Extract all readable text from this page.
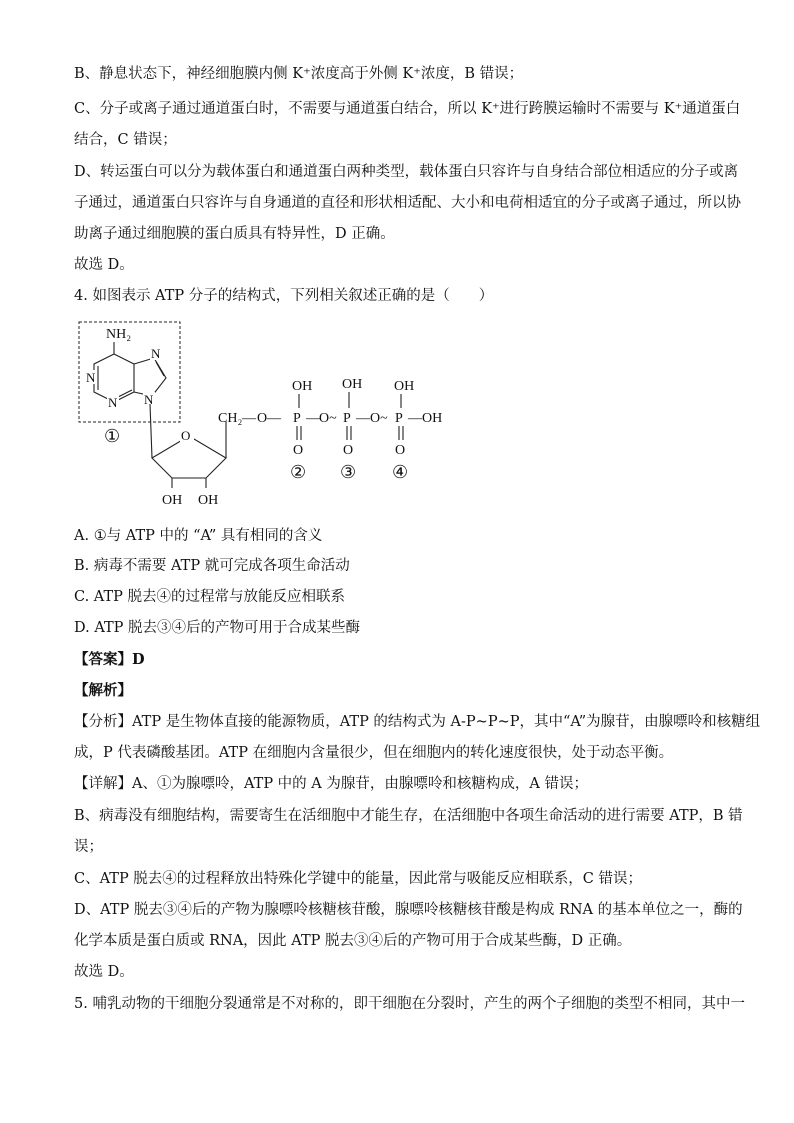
B、静息状态下，神经细胞膜内侧 K⁺浓度高于外侧 K⁺浓度，B 错误；
C、分子或离子通过通道蛋白时，不需要与通道蛋白结合，所以 K⁺进行跨膜运输时不需要与 K⁺通道蛋白
结合，C 错误；
D、转运蛋白可以分为载体蛋白和通道蛋白两种类型，载体蛋白只容许与自身结合部位相适应的分子或离
子通过，通道蛋白只容许与自身通道的直径和形状相适配、大小和电荷相适宜的分子或离子通过，所以协
助离子通过细胞膜的蛋白质具有特异性，D 正确。
故选 D。
4. 如图表示 ATP 分子的结构式，下列相关叙述正确的是（　　）
NH₂
N
N
N
N
①	O
OH OH
CH₂ — O —
OH
P
O
②
— O~
OH
P
O
③
— O~
OH
P
O
④
— OH
A. ①与 ATP 中的 “A” 具有相同的含义
B. 病毒不需要 ATP 就可完成各项生命活动
C. ATP 脱去④的过程常与放能反应相联系
D. ATP 脱去③④后的产物可用于合成某些酶
【答案】D
【解析】
【分析】ATP 是生物体直接的能源物质，ATP 的结构式为 A-P~P~P，其中“A”为腺苷，由腺嘌呤和核糖组
成，P 代表磷酸基团。ATP 在细胞内含量很少，但在细胞内的转化速度很快，处于动态平衡。
【详解】A、①为腺嘌呤，ATP 中的 A 为腺苷，由腺嘌呤和核糖构成，A 错误；
B、病毒没有细胞结构，需要寄生在活细胞中才能生存，在活细胞中各项生命活动的进行需要 ATP，B 错
误；
C、ATP 脱去④的过程释放出特殊化学键中的能量，因此常与吸能反应相联系，C 错误；
D、ATP 脱去③④后的产物为腺嘌呤核糖核苷酸，腺嘌呤核糖核苷酸是构成 RNA 的基本单位之一，酶的
化学本质是蛋白质或 RNA，因此 ATP 脱去③④后的产物可用于合成某些酶，D 正确。
故选 D。
5. 哺乳动物的干细胞分裂通常是不对称的，即干细胞在分裂时，产生的两个子细胞的类型不相同，其中一
